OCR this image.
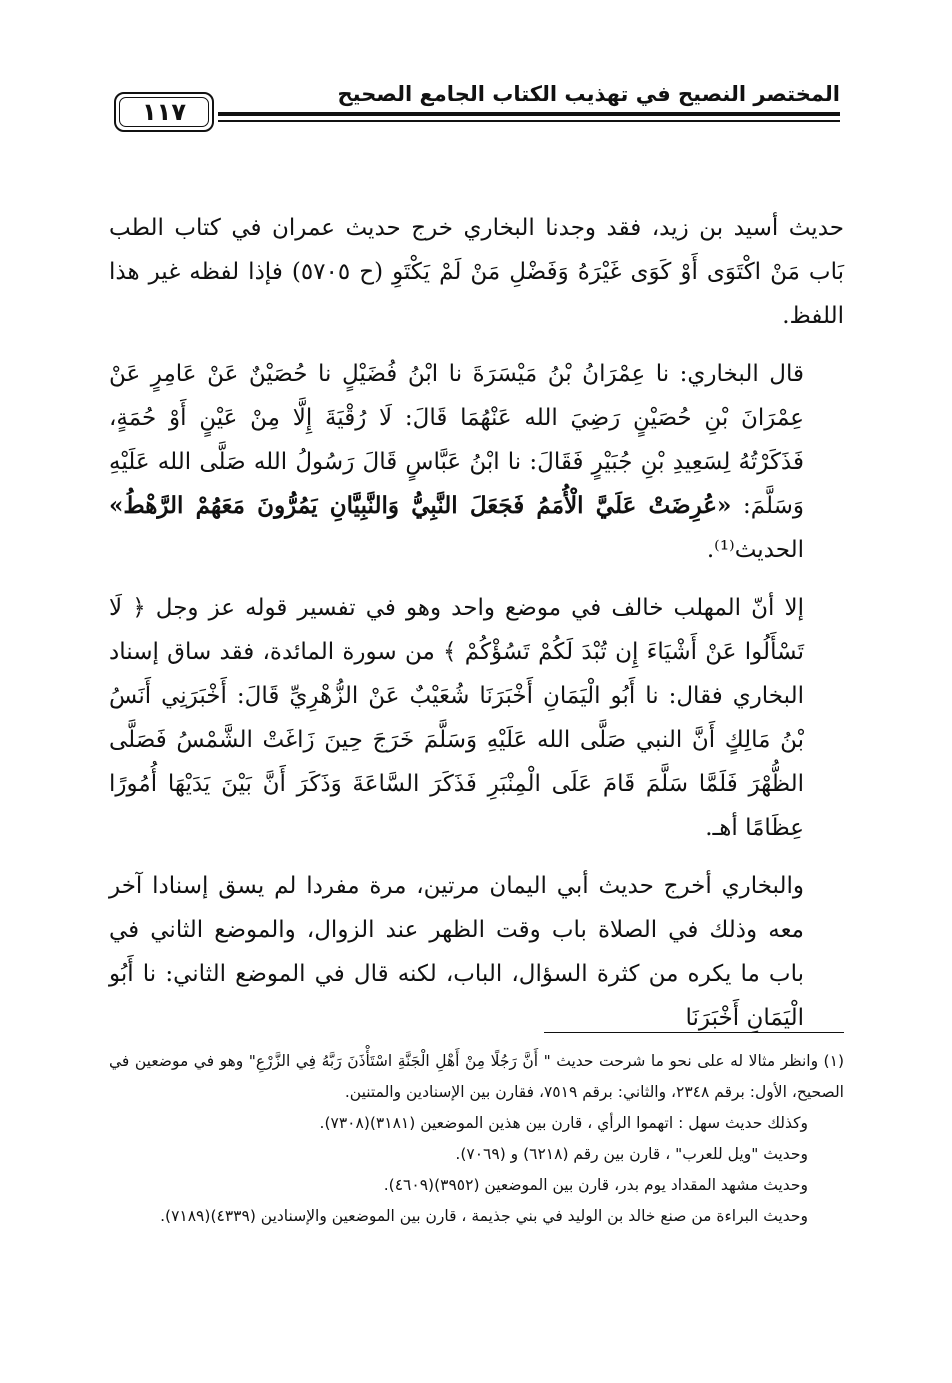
المختصر النصيح في تهذيب الكتاب الجامع الصحيح
١١٧

حديث أسيد بن زيد، فقد وجدنا البخاري خرج حديث عمران في كتاب الطب بَاب مَنْ اكْتَوَى أَوْ كَوَى غَيْرَهُ وَفَضْلِ مَنْ لَمْ يَكْتَوِ (ح ٥٧٠٥) فإذا لفظه غير هذا اللفظ.

قال البخاري: نا عِمْرَانُ بْنُ مَيْسَرَةَ نا ابْنُ فُضَيْلٍ نا حُصَيْنٌ عَنْ عَامِرٍ عَنْ عِمْرَانَ بْنِ حُصَيْنٍ رَضِيَ الله عَنْهُمَا قَالَ: لَا رُقْيَةَ إِلَّا مِنْ عَيْنٍ أَوْ حُمَةٍ، فَذَكَرْتُهُ لِسَعِيدِ بْنِ جُبَيْرٍ فَقَالَ: نا ابْنُ عَبَّاسٍ قَالَ رَسُولُ الله صَلَّى الله عَلَيْهِ وَسَلَّمَ: «عُرِضَتْ عَلَيَّ الْأُمَمُ فَجَعَلَ النَّبِيُّ وَالنَّبِيَّانِ يَمُرُّونَ مَعَهُمْ الرَّهْطُ» الحديث⁽¹⁾.

إلا أنّ المهلب خالف في موضع واحد وهو في تفسير قوله عز وجل ﴿ لَا تَسْأَلُوا عَنْ أَشْيَاءَ إِن تُبْدَ لَكُمْ تَسُؤْكُمْ ﴾ من سورة المائدة، فقد ساق إسناد البخاري فقال: نا أَبُو الْيَمَانِ أَخْبَرَنَا شُعَيْبٌ عَنْ الزُّهْرِيِّ قَالَ: أَخْبَرَنِي أَنَسُ بْنُ مَالِكٍ أَنَّ النبي صَلَّى الله عَلَيْهِ وَسَلَّمَ خَرَجَ حِينَ زَاغَتْ الشَّمْسُ فَصَلَّى الظُّهْرَ فَلَمَّا سَلَّمَ قَامَ عَلَى الْمِنْبَرِ فَذَكَرَ السَّاعَةَ وَذَكَرَ أَنَّ بَيْنَ يَدَيْهَا أُمُورًا عِظَامًا أهـ.

والبخاري أخرج حديث أبي اليمان مرتين، مرة مفردا لم يسق إسنادا آخر معه وذلك في الصلاة باب وقت الظهر عند الزوال، والموضع الثاني في باب ما يكره من كثرة السؤال، الباب، لكنه قال في الموضع الثاني: نا أَبُو الْيَمَانِ أَخْبَرَنَا

(١) وانظر مثالا له على نحو ما شرحت حديث " أَنَّ رَجُلًا مِنْ أَهْلِ الْجَنَّةِ اسْتَأْذَنَ رَبَّهُ فِي الزَّرْعِ" وهو في موضعين في الصحيح، الأول: برقم ٢٣٤٨، والثاني: برقم ٧٥١٩، فقارن بين الإسنادين والمتنين.

وكذلك حديث سهل : اتهموا الرأي ، قارن بين هذين الموضعين (٣١٨١)(٧٣٠٨).

وحديث "ويل للعرب" ، قارن بين رقم (٦٢١٨) و (٧٠٦٩).

وحديث مشهد المقداد يوم بدر، قارن بين الموضعين (٣٩٥٢)(٤٦٠٩).

وحديث البراءة من صنع خالد بن الوليد في بني جذيمة ، قارن بين الموضعين والإسنادين (٤٣٣٩)(٧١٨٩).
